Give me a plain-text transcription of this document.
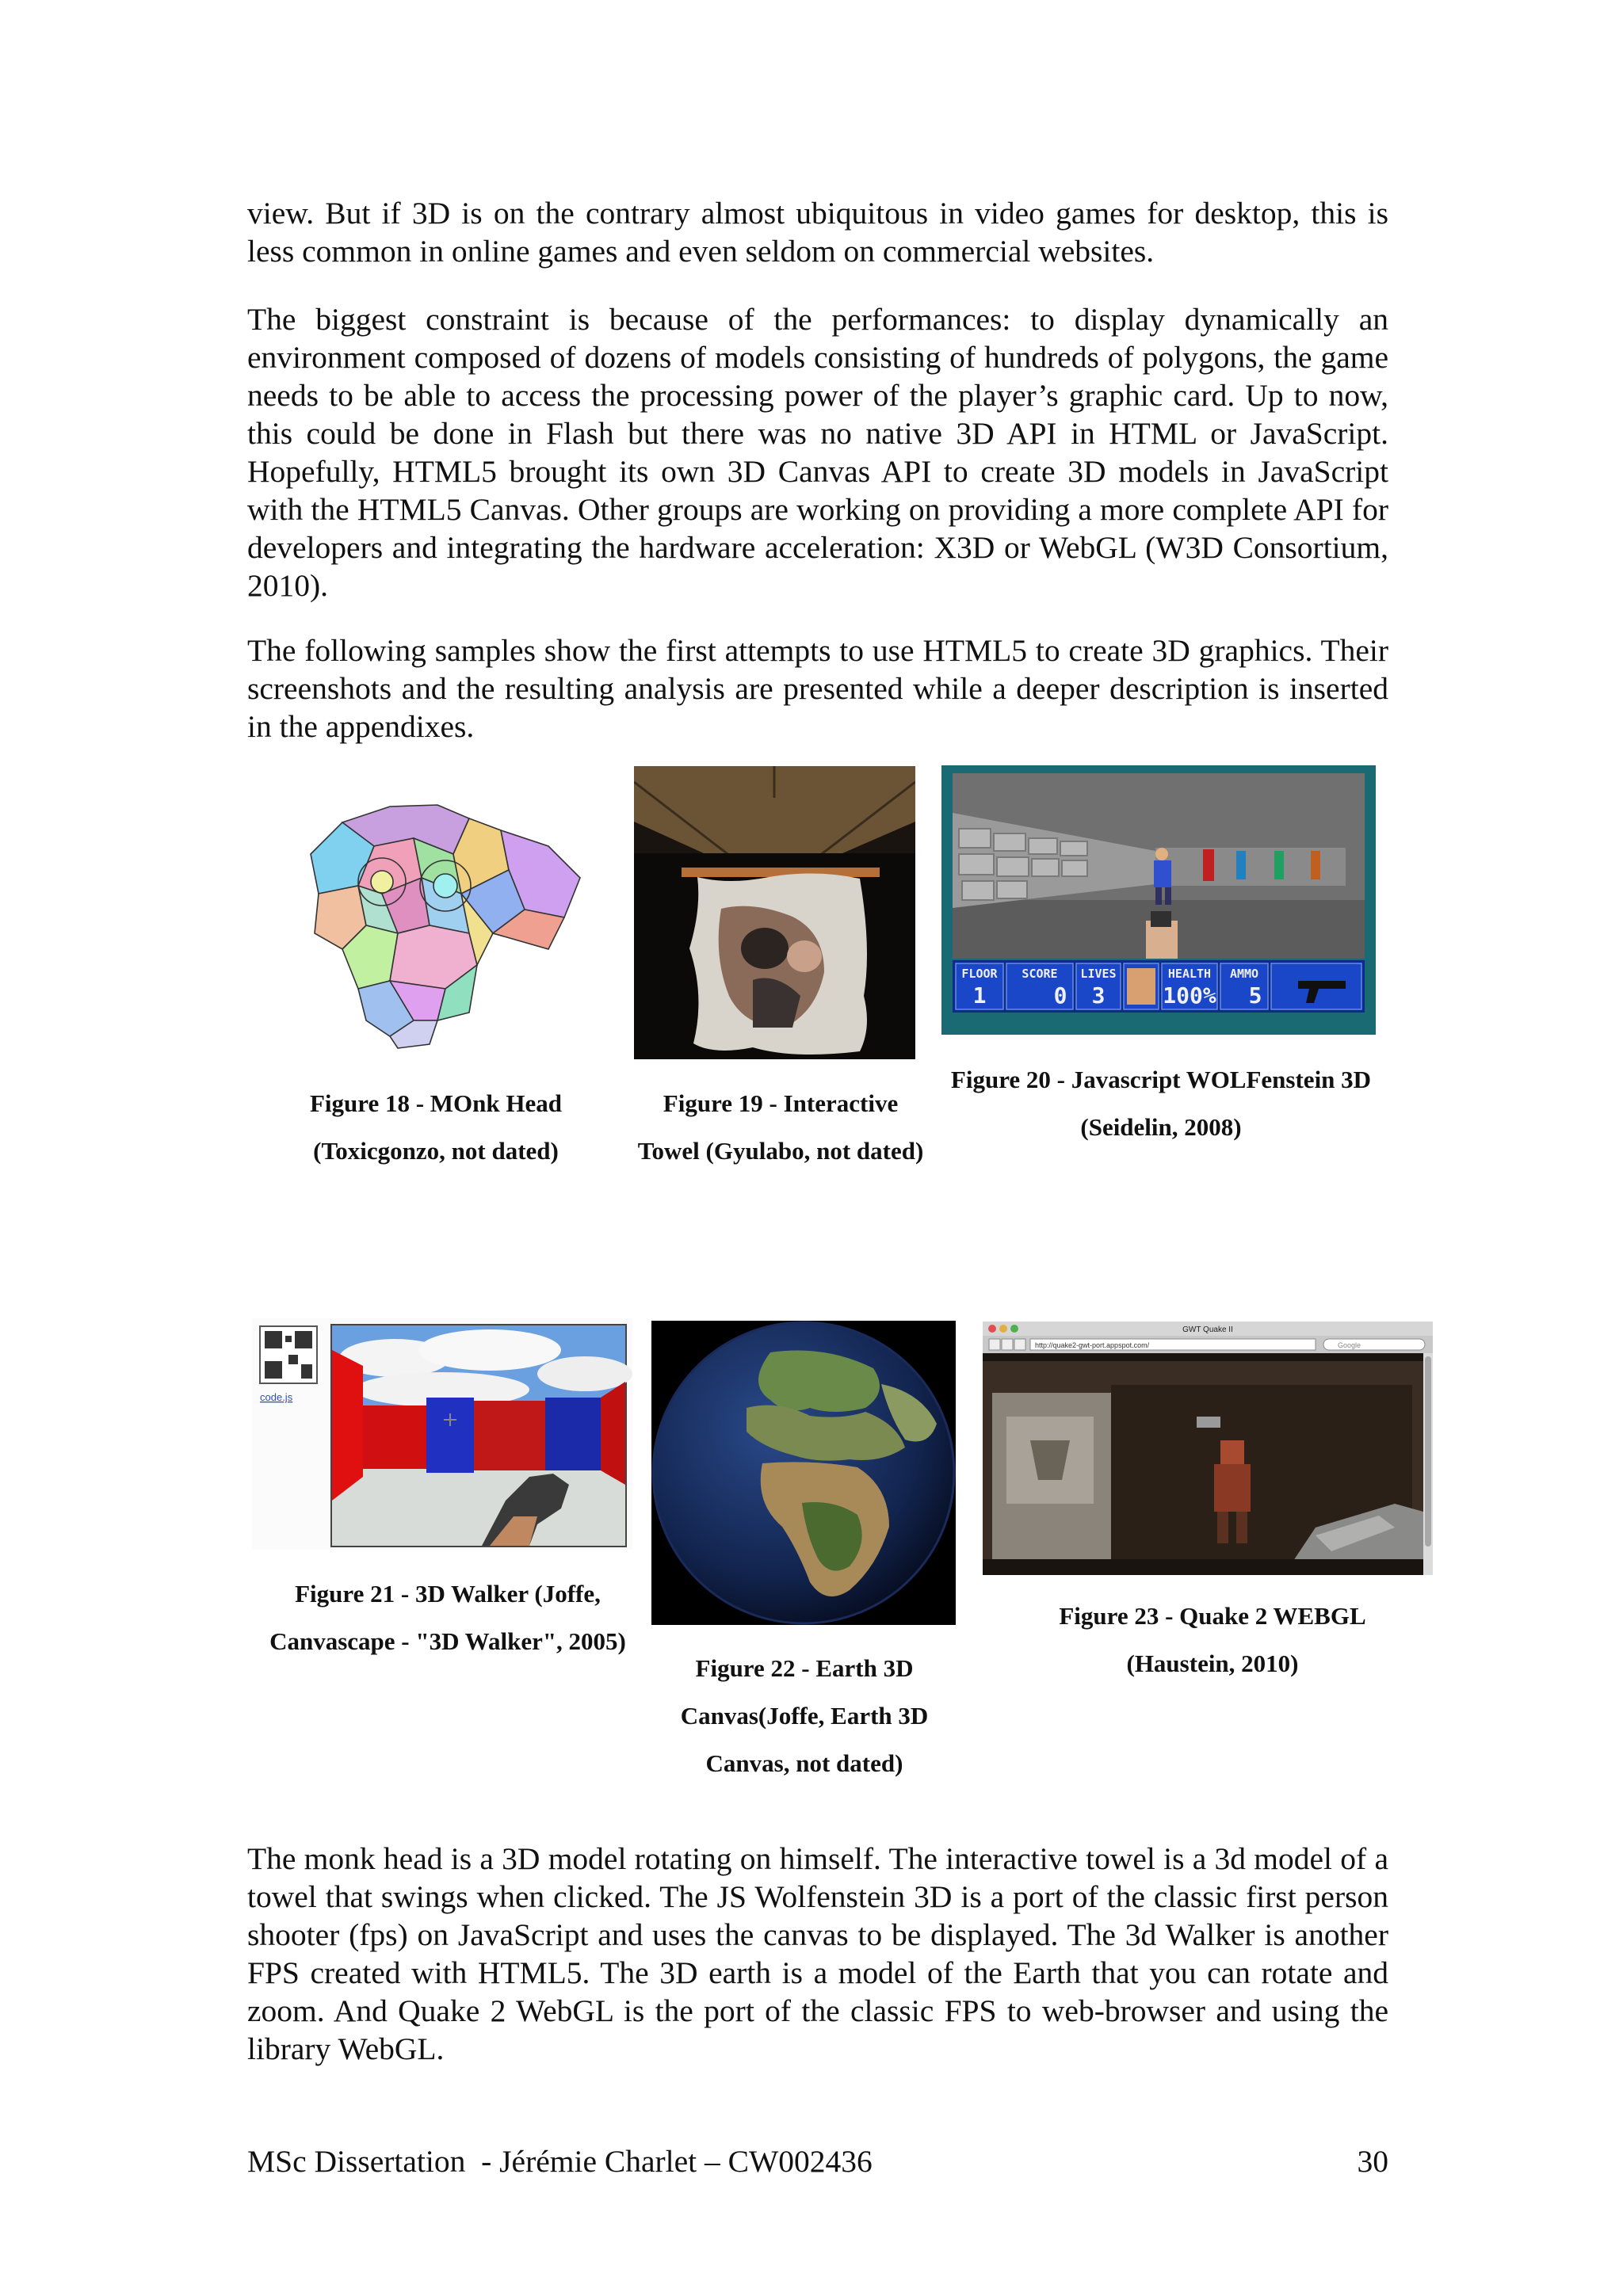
view. But if 3D is on the contrary almost ubiquitous in video games for desktop, this is less common in online games and even seldom on commercial websites.

The biggest constraint is because of the performances: to display dynamically an environment composed of dozens of models consisting of hundreds of polygons, the game needs to be able to access the processing power of the player’s graphic card. Up to now, this could be done in Flash but there was no native 3D API in HTML or JavaScript. Hopefully, HTML5 brought its own 3D Canvas API to create 3D models in JavaScript with the HTML5 Canvas. Other groups are working on providing a more complete API for developers and integrating the hardware acceleration: X3D or WebGL (W3D Consortium, 2010).

The following samples show the first attempts to use HTML5 to create 3D graphics. Their screenshots and the resulting analysis are presented while a deeper description is inserted in the appendixes.

FLOOR
1
SCORE
0
LIVES
3
HEALTH
100%
AMMO
5

Figure 18 - MOnk Head (Toxicgonzo, not dated)

Figure 19 - Interactive Towel (Gyulabo, not dated)

Figure 20 - Javascript WOLFenstein 3D (Seidelin, 2008)

code.js
GWT Quake II
http://quake2-gwt-port.appspot.com/	Google

Figure 21 - 3D Walker (Joffe, Canvascape - "3D Walker", 2005)

Figure 22 - Earth 3D Canvas(Joffe, Earth 3D Canvas, not dated)

Figure 23 - Quake 2 WEBGL (Haustein, 2010)

The monk head is a 3D model rotating on himself. The interactive towel is a 3d model of a towel that swings when clicked. The JS Wolfenstein 3D is a port of the classic first person shooter (fps) on JavaScript and uses the canvas to be displayed. The 3d Walker is another FPS created with HTML5. The 3D earth is a model of the Earth that you can rotate and zoom. And Quake 2 WebGL is the port of the classic FPS to web-browser and using the library WebGL.

MSc Dissertation  - Jérémie Charlet – CW002436	30
